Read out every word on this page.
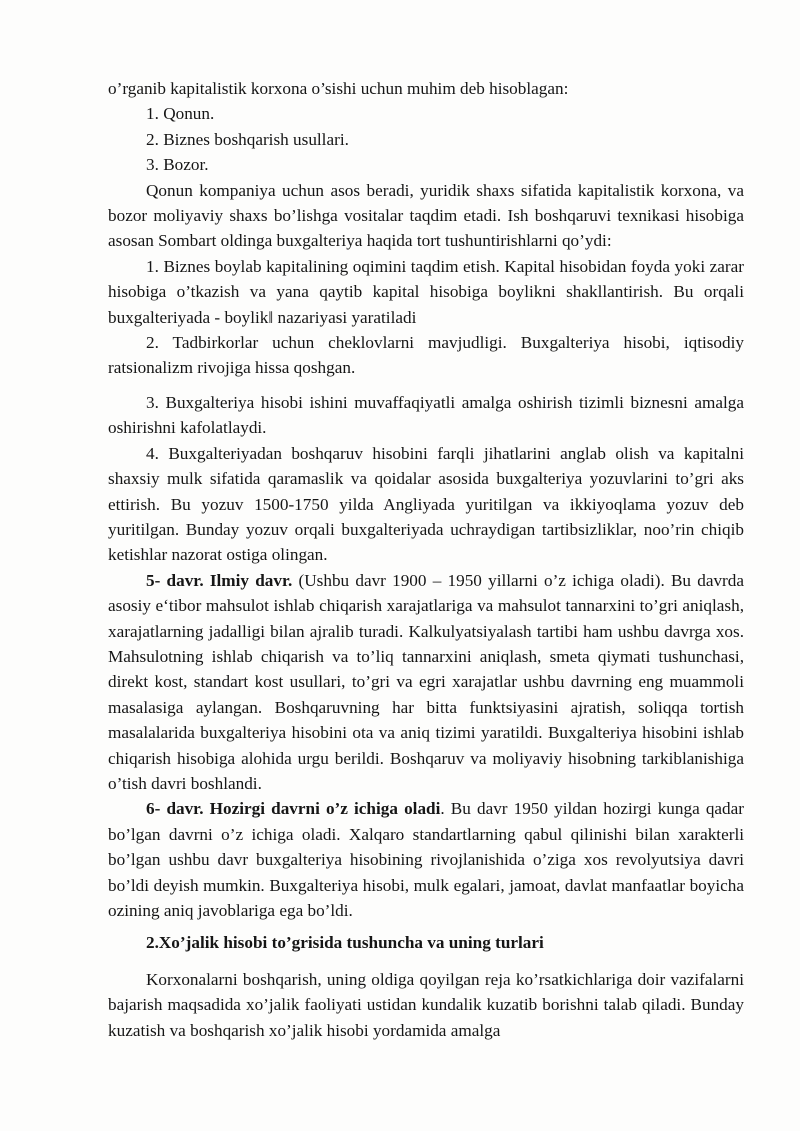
o’rganib kapitalistik korxona o’sishi uchun muhim deb hisoblagan:

1. Qonun.

2. Biznes boshqarish usullari.

3. Bozor.

Qonun kompaniya uchun asos beradi, yuridik shaxs sifatida kapitalistik korxona, va bozor moliyaviy shaxs bo’lishga vositalar taqdim etadi. Ish boshqaruvi texnikasi hisobiga asosan Sombart oldinga buxgalteriya haqida tort tushuntirishlarni qo’ydi:

1. Biznes boylab kapitalining oqimini taqdim etish. Kapital hisobidan foyda yoki zarar hisobiga o’tkazish va yana qaytib kapital hisobiga boylikni shakllantirish. Bu orqali buxgalteriyada - boylik‖ nazariyasi yaratiladi

2. Tadbirkorlar uchun cheklovlarni mavjudligi. Buxgalteriya hisobi, iqtisodiy ratsionalizm rivojiga hissa qoshgan.

3. Buxgalteriya hisobi ishini muvaffaqiyatli amalga oshirish tizimli biznesni amalga oshirishni kafolatlaydi.

4. Buxgalteriyadan boshqaruv hisobini farqli jihatlarini anglab olish va kapitalni shaxsiy mulk sifatida qaramaslik va qoidalar asosida buxgalteriya yozuvlarini to’gri aks ettirish. Bu yozuv 1500-1750 yilda Angliyada yuritilgan va ikkiyoqlama yozuv deb yuritilgan. Bunday yozuv orqali buxgalteriyada uchraydigan tartibsizliklar, noo’rin chiqib ketishlar nazorat ostiga olingan.

5- davr. Ilmiy davr. (Ushbu davr 1900 – 1950 yillarni o’z ichiga oladi). Bu davrda asosiy e‘tibor mahsulot ishlab chiqarish xarajatlariga va mahsulot tannarxini to’gri aniqlash, xarajatlarning jadalligi bilan ajralib turadi. Kalkulyatsiyalash tartibi ham ushbu davrga xos. Mahsulotning ishlab chiqarish va to’liq tannarxini aniqlash, smeta qiymati tushunchasi, direkt kost, standart kost usullari, to’gri va egri xarajatlar ushbu davrning eng muammoli masalasiga aylangan. Boshqaruvning har bitta funktsiyasini ajratish, soliqqa tortish masalalarida buxgalteriya hisobini ota va aniq tizimi yaratildi. Buxgalteriya hisobini ishlab chiqarish hisobiga alohida urgu berildi. Boshqaruv va moliyaviy hisobning tarkiblanishiga o’tish davri boshlandi.

6- davr. Hozirgi davrni o’z ichiga oladi. Bu davr 1950 yildan hozirgi kunga qadar bo’lgan davrni o’z ichiga oladi. Xalqaro standartlarning qabul qilinishi bilan xarakterli bo’lgan ushbu davr buxgalteriya hisobining rivojlanishida o’ziga xos revolyutsiya davri bo’ldi deyish mumkin. Buxgalteriya hisobi, mulk egalari, jamoat, davlat manfaatlar boyicha ozining aniq javoblariga ega bo’ldi.

2.Xo’jalik hisobi to’grisida tushuncha va uning turlari

Korxonalarni boshqarish, uning oldiga qoyilgan reja ko’rsatkichlariga doir vazifalarni bajarish maqsadida xo’jalik faoliyati ustidan kundalik kuzatib borishni talab qiladi. Bunday kuzatish va boshqarish xo’jalik hisobi yordamida amalga
